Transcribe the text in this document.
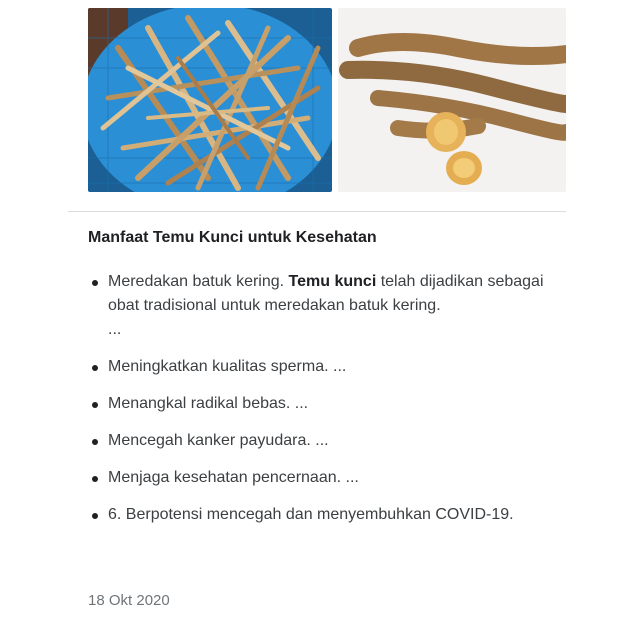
Manfaat Temu Kunci untuk Kesehatan
Meredakan batuk kering. Temu kunci telah dijadikan sebagai obat tradisional untuk meredakan batuk kering.
...
Meningkatkan kualitas sperma. ...
Menangkal radikal bebas. ...
Mencegah kanker payudara. ...
Menjaga kesehatan pencernaan. ...
6. Berpotensi mencegah dan menyembuhkan COVID-19.
18 Okt 2020
